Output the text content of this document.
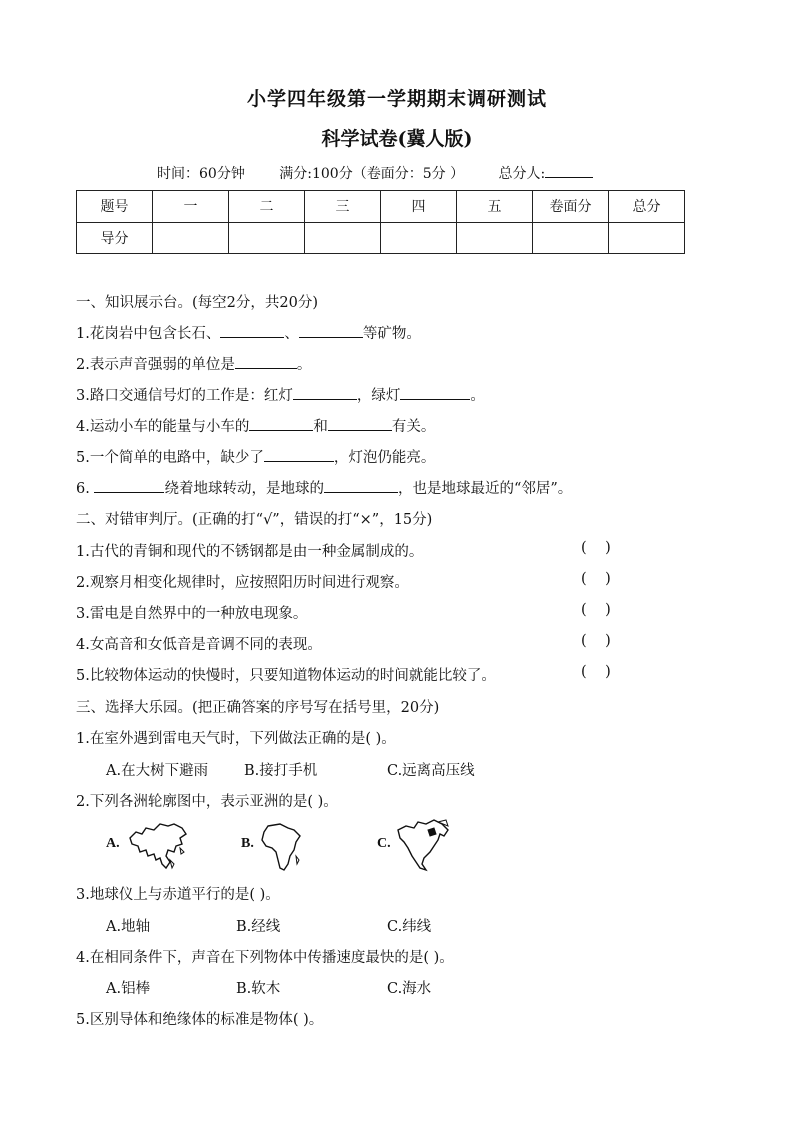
小学四年级第一学期期末调研测试
科学试卷(冀人版)
时间：60分钟 满分:100分（卷面分：5分 ） 总分人:
题号	一	二	三	四	五	卷面分	总分
导分							
一、知识展示台。(每空2分，共20分)
1.花岗岩中包含长石、	、	等矿物。
2.表示声音强弱的单位是	。
3.路口交通信号灯的工作是：红灯	，绿灯	。
4.运动小车的能量与小车的	和	有关。
5.一个简单的电路中，缺少了	，灯泡仍能亮。
6.	绕着地球转动，是地球的	，也是地球最近的“邻居”。
二、对错审判厅。(正确的打“√”，错误的打“×”，15分)
1.古代的青铜和现代的不锈钢都是由一种金属制成的。	(    )
2.观察月相变化规律时，应按照阳历时间进行观察。	(    )
3.雷电是自然界中的一种放电现象。	(    )
4.女高音和女低音是音调不同的表现。	(    )
5.比较物体运动的快慢时，只要知道物体运动的时间就能比较了。	(    )
三、选择大乐园。(把正确答案的序号写在括号里，20分)
1.在室外遇到雷电天气时，下列做法正确的是( )。
A.在大树下避雨 B.接打手机	C.远离高压线
2.下列各洲轮廓图中，表示亚洲的是( )。
A.	B.	C.
3.地球仪上与赤道平行的是( )。
A.地轴	B.经线	C.纬线
4.在相同条件下，声音在下列物体中传播速度最快的是( )。
A.铝棒	B.软木	C.海水
5.区别导体和绝缘体的标准是物体( )。
